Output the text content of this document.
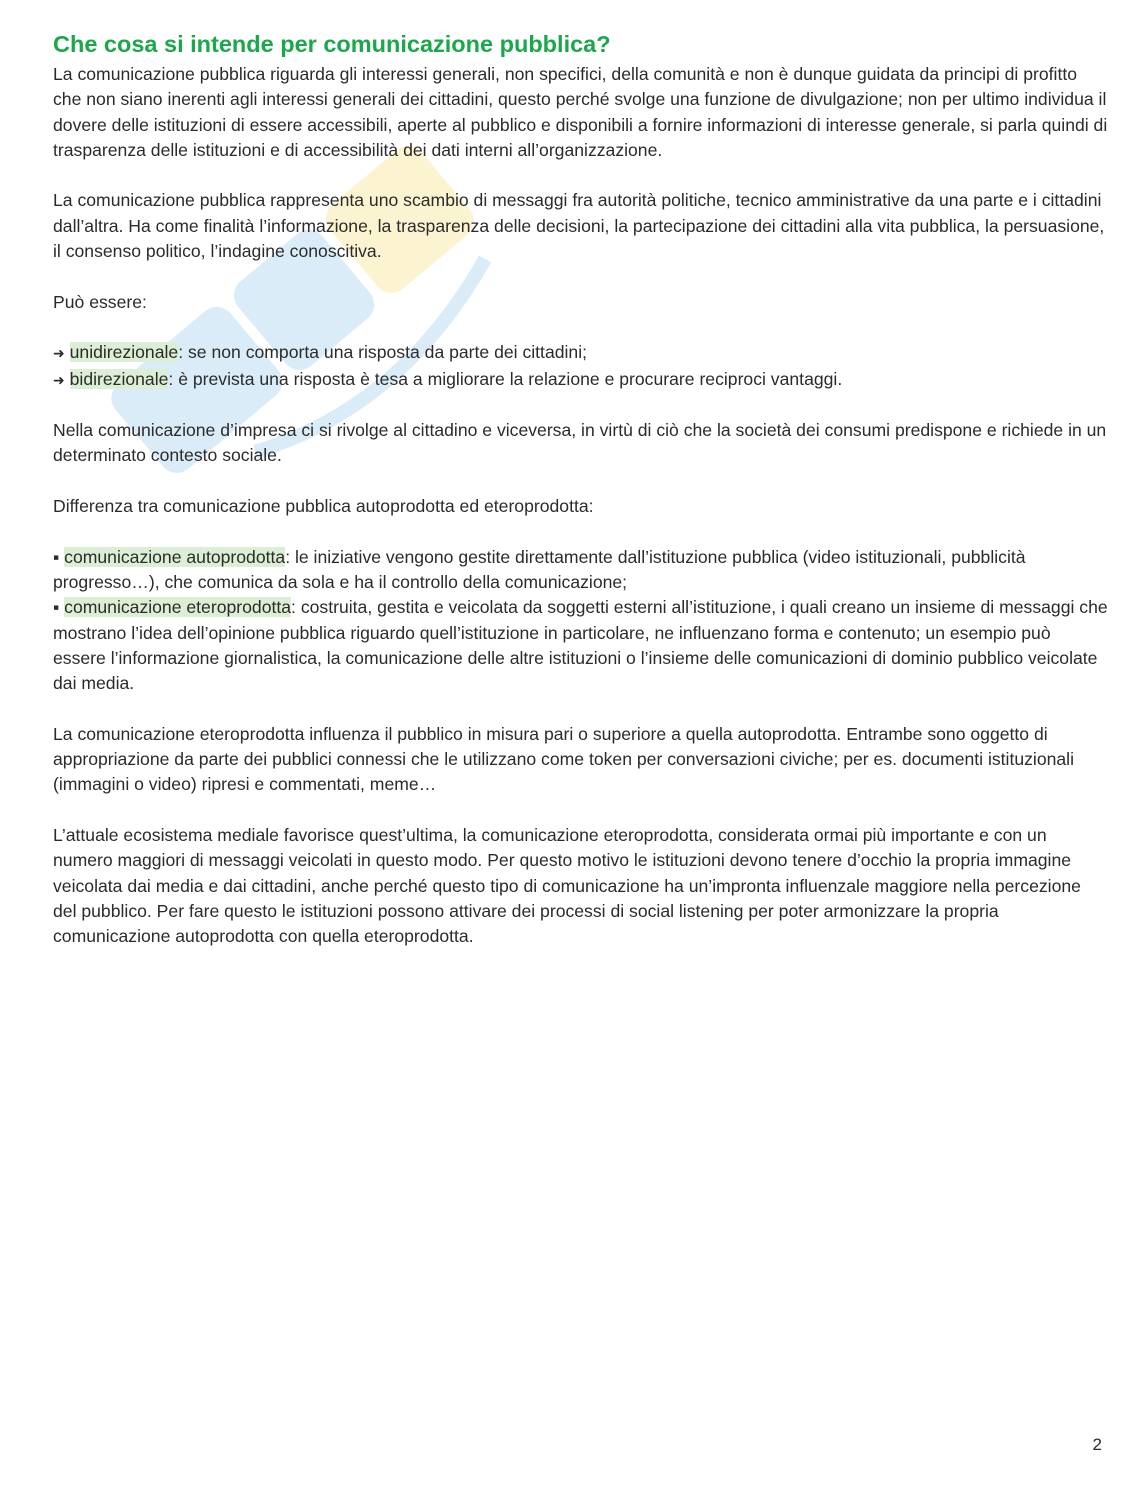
Che cosa si intende per comunicazione pubblica?

La comunicazione pubblica riguarda gli interessi generali, non specifici, della comunità e non è dunque guidata da principi di profitto che non siano inerenti agli interessi generali dei cittadini, questo perché svolge una funzione de divulgazione; non per ultimo individua il dovere delle istituzioni di essere accessibili, aperte al pubblico e disponibili a fornire informazioni di interesse generale, si parla quindi di trasparenza delle istituzioni e di accessibilità dei dati interni all’organizzazione.

La comunicazione pubblica rappresenta uno scambio di messaggi fra autorità politiche, tecnico amministrative da una parte e i cittadini dall’altra. Ha come finalità l’informazione, la trasparenza delle decisioni, la partecipazione dei cittadini alla vita pubblica, la persuasione, il consenso politico, l’indagine conoscitiva.

Può essere:

➜ unidirezionale: se non comporta una risposta da parte dei cittadini;

➜ bidirezionale: è prevista una risposta è tesa a migliorare la relazione e procurare reciproci vantaggi.

Nella comunicazione d’impresa ci si rivolge al cittadino e viceversa, in virtù di ciò che la società dei consumi predispone e richiede in un determinato contesto sociale.

Differenza tra comunicazione pubblica autoprodotta ed eteroprodotta:

▪ comunicazione autoprodotta: le iniziative vengono gestite direttamente dall’istituzione pubblica (video istituzionali, pubblicità progresso…), che comunica da sola e ha il controllo della comunicazione;

▪ comunicazione eteroprodotta: costruita, gestita e veicolata da soggetti esterni all’istituzione, i quali creano un insieme di messaggi che mostrano l’idea dell’opinione pubblica riguardo quell’istituzione in particolare, ne influenzano forma e contenuto; un esempio può essere l’informazione giornalistica, la comunicazione delle altre istituzioni o l’insieme delle comunicazioni di dominio pubblico veicolate dai media.

La comunicazione eteroprodotta influenza il pubblico in misura pari o superiore a quella autoprodotta. Entrambe sono oggetto di appropriazione da parte dei pubblici connessi che le utilizzano come token per conversazioni civiche; per es. documenti istituzionali (immagini o video) ripresi e commentati, meme…

L’attuale ecosistema mediale favorisce quest’ultima, la comunicazione eteroprodotta, considerata ormai più importante e con un numero maggiori di messaggi veicolati in questo modo. Per questo motivo le istituzioni devono tenere d’occhio la propria immagine veicolata dai media e dai cittadini, anche perché questo tipo di comunicazione ha un’impronta influenzale maggiore nella percezione del pubblico. Per fare questo le istituzioni possono attivare dei processi di social listening per poter armonizzare la propria comunicazione autoprodotta con quella eteroprodotta.

2
